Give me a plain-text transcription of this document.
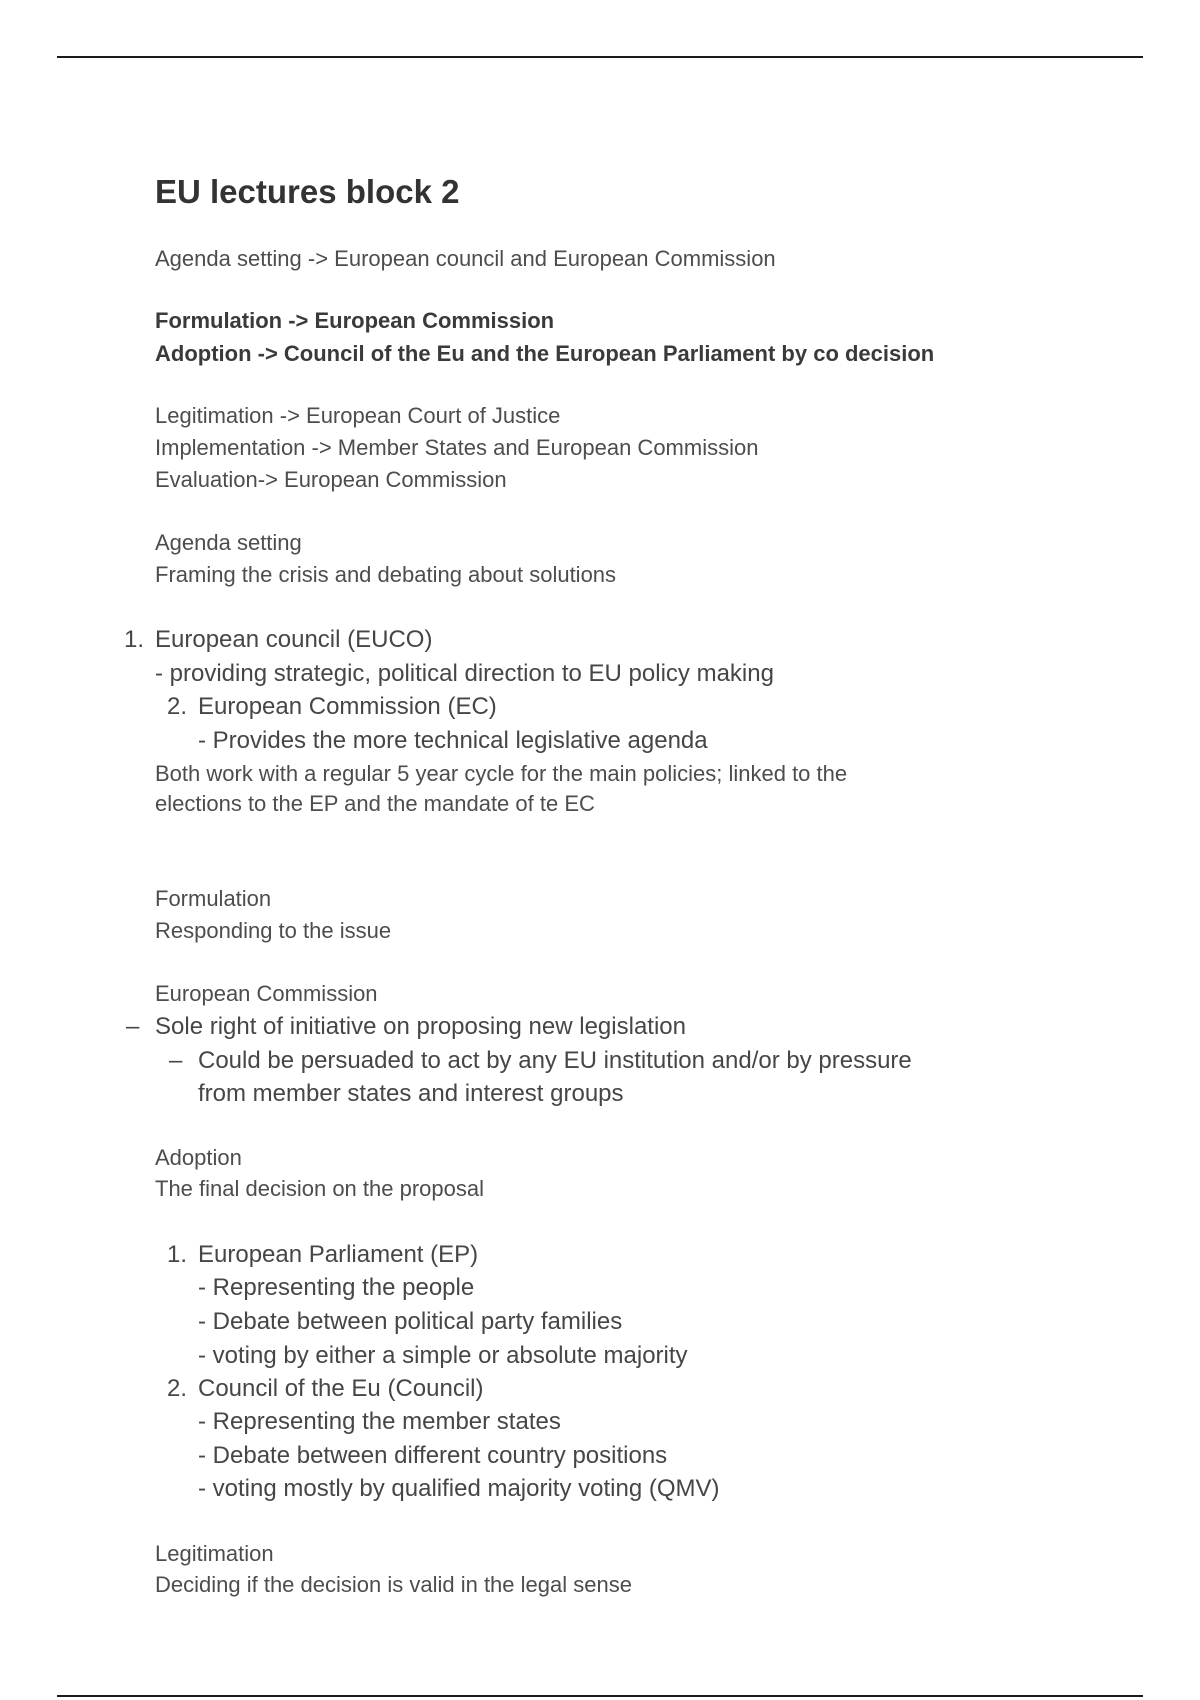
EU lectures block 2
Agenda setting -> European council and European Commission
Formulation -> European Commission
Adoption -> Council of the Eu and the European Parliament by co decision
Legitimation -> European Court of Justice
Implementation -> Member States and European Commission
Evaluation-> European Commission
Agenda setting
Framing the crisis and debating about solutions
1. European council (EUCO)
- providing strategic, political direction to EU policy making
2. European Commission (EC)
- Provides the more technical legislative agenda
Both work with a regular 5 year cycle for the main policies; linked to the
elections to the EP and the mandate of te EC
Formulation
Responding to the issue
European Commission
– Sole right of initiative on proposing new legislation
– Could be persuaded to act by any EU institution and/or by pressure
from member states and interest groups
Adoption
The final decision on the proposal
1. European Parliament (EP)
- Representing the people
- Debate between political party families
- voting by either a simple or absolute majority
2. Council of the Eu (Council)
- Representing the member states
- Debate between different country positions
- voting mostly by qualified majority voting (QMV)
Legitimation
Deciding if the decision is valid in the legal sense
